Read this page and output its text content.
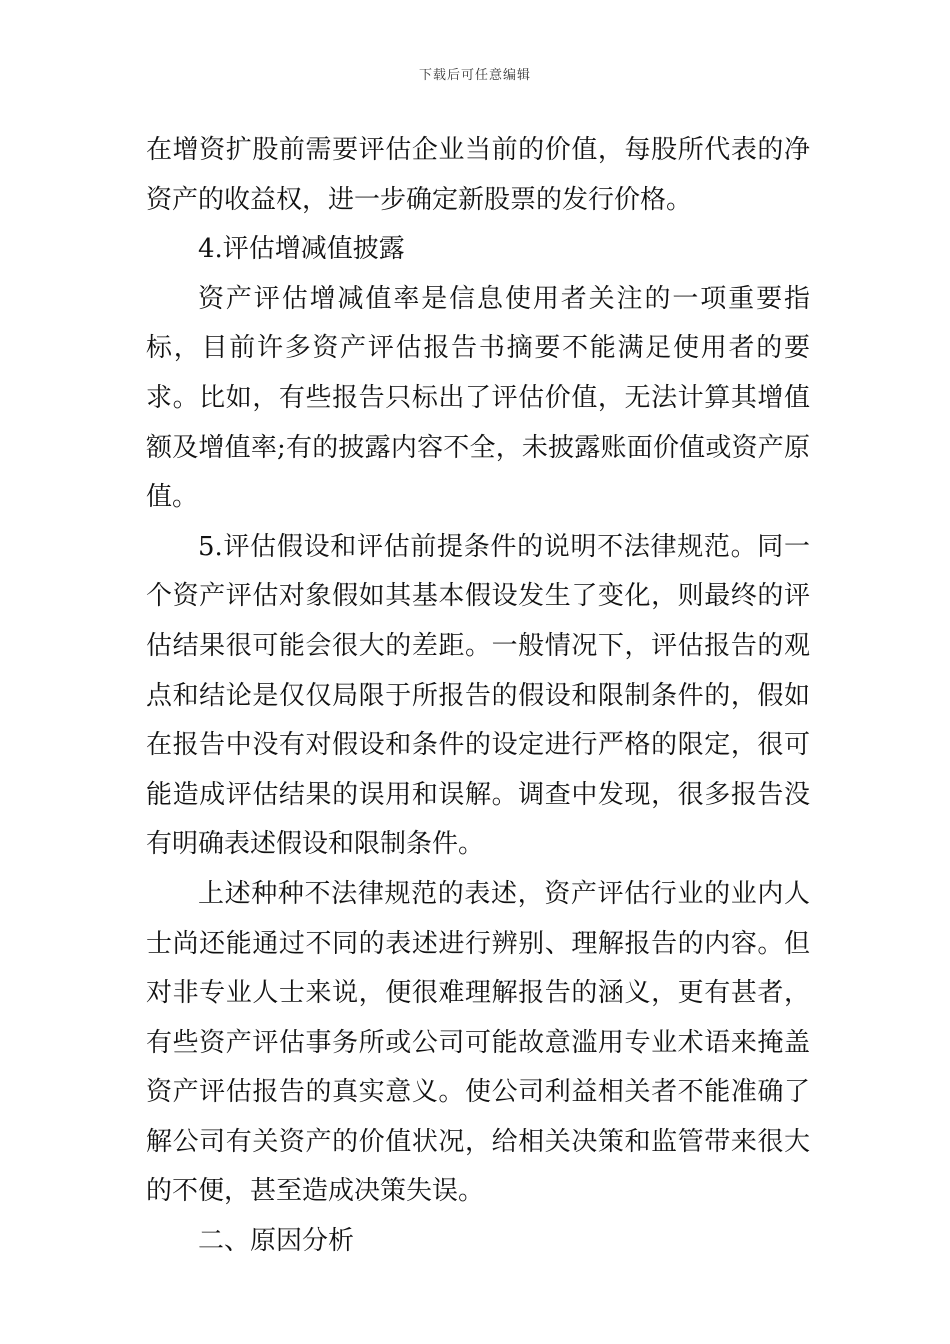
下载后可任意编辑

在增资扩股前需要评估企业当前的价值，每股所代表的净资产的收益权，进一步确定新股票的发行价格。

4.评估增减值披露

资产评估增减值率是信息使用者关注的一项重要指标，目前许多资产评估报告书摘要不能满足使用者的要求。比如，有些报告只标出了评估价值，无法计算其增值额及增值率;有的披露内容不全，未披露账面价值或资产原值。

5.评估假设和评估前提条件的说明不法律规范。同一个资产评估对象假如其基本假设发生了变化，则最终的评估结果很可能会很大的差距。一般情况下，评估报告的观点和结论是仅仅局限于所报告的假设和限制条件的，假如在报告中没有对假设和条件的设定进行严格的限定，很可能造成评估结果的误用和误解。调查中发现，很多报告没有明确表述假设和限制条件。

上述种种不法律规范的表述，资产评估行业的业内人士尚还能通过不同的表述进行辨别、理解报告的内容。但对非专业人士来说，便很难理解报告的涵义，更有甚者，有些资产评估事务所或公司可能故意滥用专业术语来掩盖资产评估报告的真实意义。使公司利益相关者不能准确了解公司有关资产的价值状况，给相关决策和监管带来很大的不便，甚至造成决策失误。

二、原因分析
